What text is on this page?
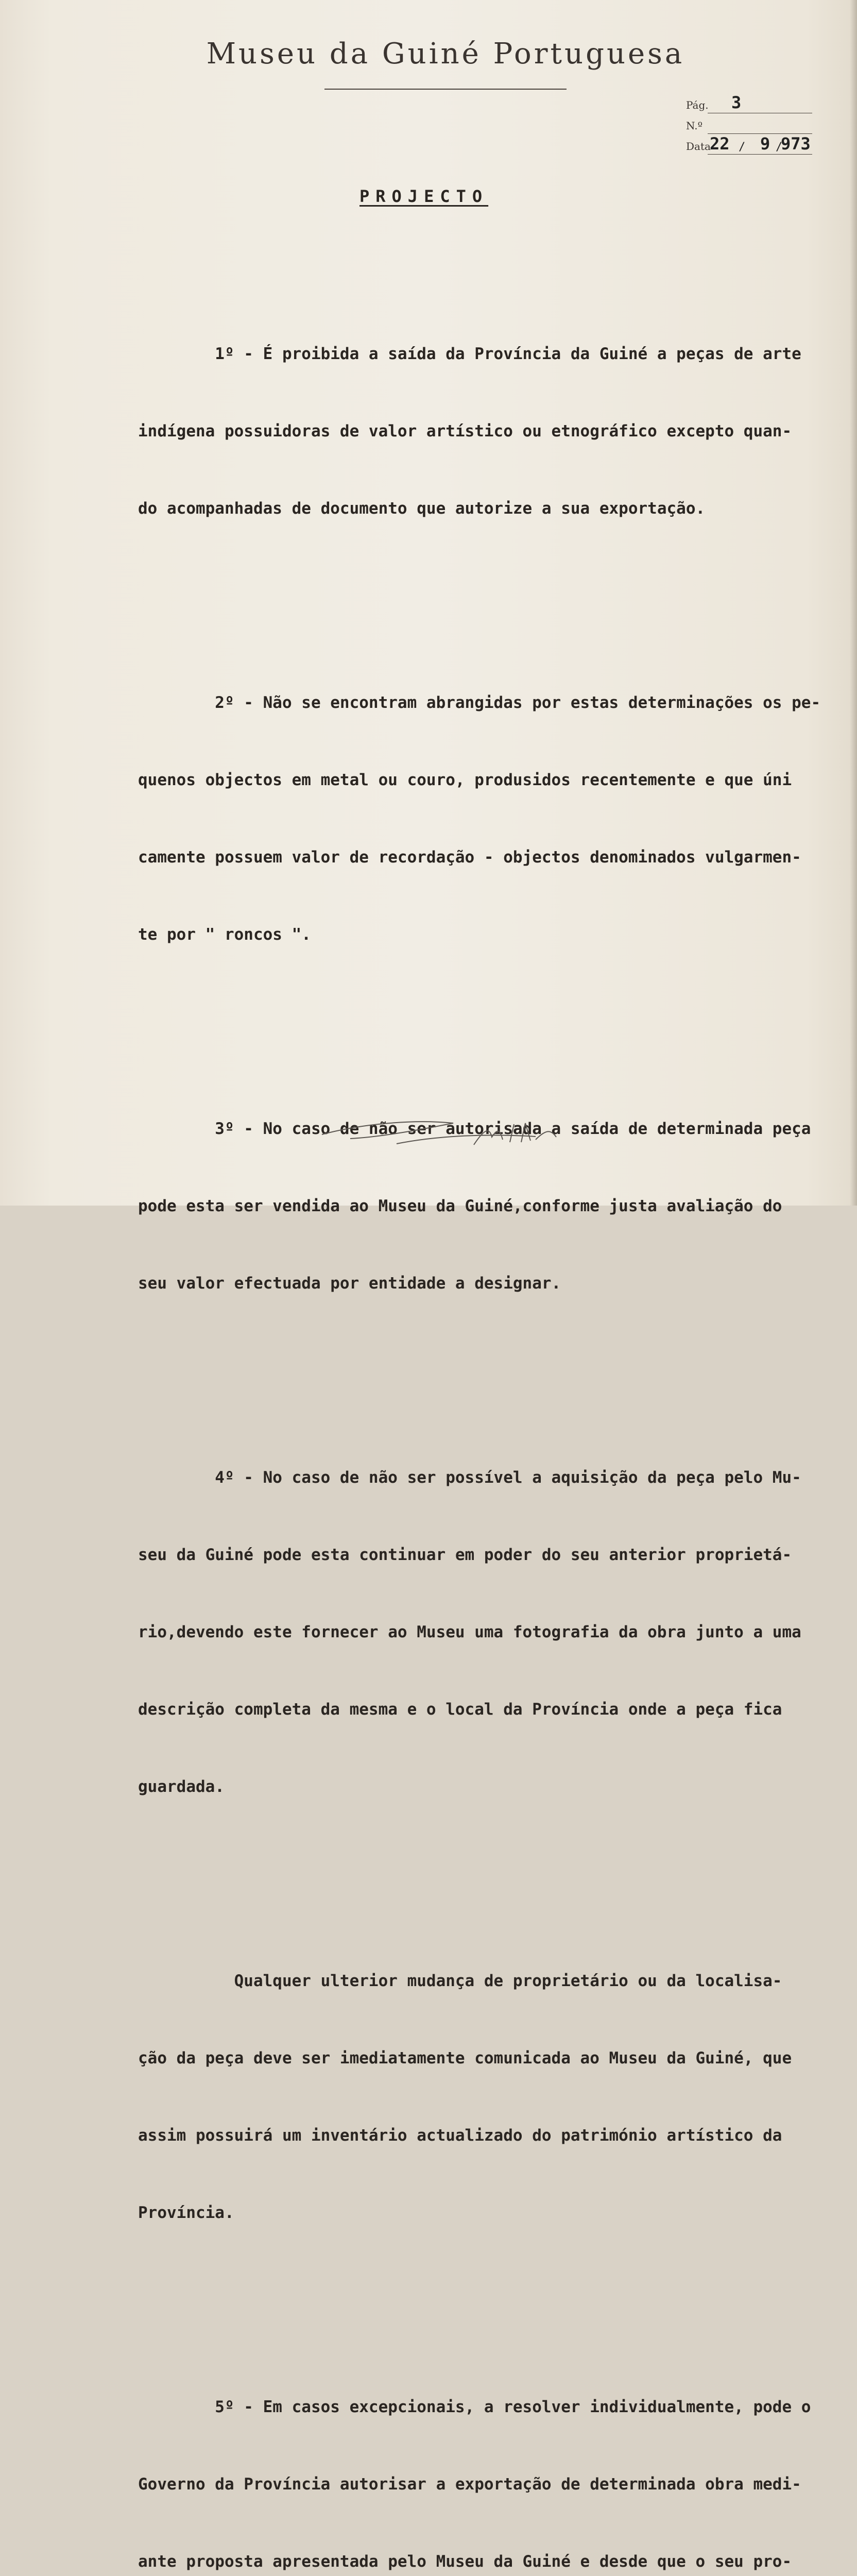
Museu da Guiné Portuguesa
Pág. 3
N.º
Data
22 / 9 /
973
PROJECTO

1º - É proibida a saída da Província da Guiné a peças de arte

indígena possuidoras de valor artístico ou etnográfico excepto quan-

do acompanhadas de documento que autorize a sua exportação.

2º - Não se encontram abrangidas por estas determinações os pe-

quenos objectos em metal ou couro, produsidos recentemente e que úni

camente possuem valor de recordação - objectos denominados vulgarmen-

te por " roncos ".

3º - No caso de não ser autorisada a saída de determinada peça

pode esta ser vendida ao Museu da Guiné,conforme justa avaliação do

seu valor efectuada por entidade a designar.

4º - No caso de não ser possível a aquisição da peça pelo Mu-

seu da Guiné pode esta continuar em poder do seu anterior proprietá-

rio,devendo este fornecer ao Museu uma fotografia da obra junto a uma

descrição completa da mesma e o local da Província onde a peça fica

guardada.

Qualquer ulterior mudança de proprietário ou da localisa-

ção da peça deve ser imediatamente comunicada ao Museu da Guiné, que

assim possuirá um inventário actualizado do património artístico da

Província.

5º - Em casos excepcionais, a resolver individualmente, pode o

Governo da Província autorisar a exportação de determinada obra medi-

ante proposta apresentada pelo Museu da Guiné e desde que o seu pro-
